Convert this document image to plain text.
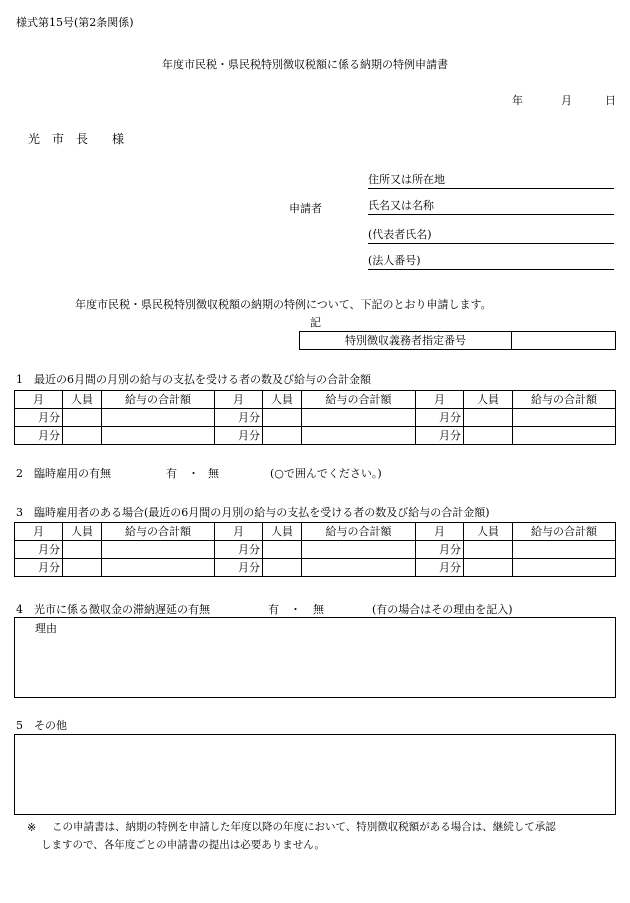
様式第15号(第2条関係)
年度市民税・県民税特別徴収税額に係る納期の特例申請書
年	月	日
光　市　長 様
申請者
住所又は所在地
氏名又は名称
(代表者氏名)
(法人番号)
年度市民税・県民税特別徴収税額の納期の特例について、下記のとおり申請します。
記
特別徴収義務者指定番号	
1　最近の6月間の月別の給与の支払を受ける者の数及び給与の合計金額
月	人員	給与の合計額	月	人員	給与の合計額	月	人員	給与の合計額
月分			月分			月分		
月分			月分			月分		
2　臨時雇用の有無	有 ・ 無	(○で囲んでください。)
3　臨時雇用者のある場合(最近の6月間の月別の給与の支払を受ける者の数及び給与の合計金額)
月	人員	給与の合計額	月	人員	給与の合計額	月	人員	給与の合計額
月分			月分			月分		
月分			月分			月分		
4　光市に係る徴収金の滞納遅延の有無	有 ・ 無	(有の場合はその理由を記入)
理由
5　その他
※ この申請書は、納期の特例を申請した年度以降の年度において、特別徴収税額がある場合は、継続して承認
しますので、各年度ごとの申請書の提出は必要ありません。
